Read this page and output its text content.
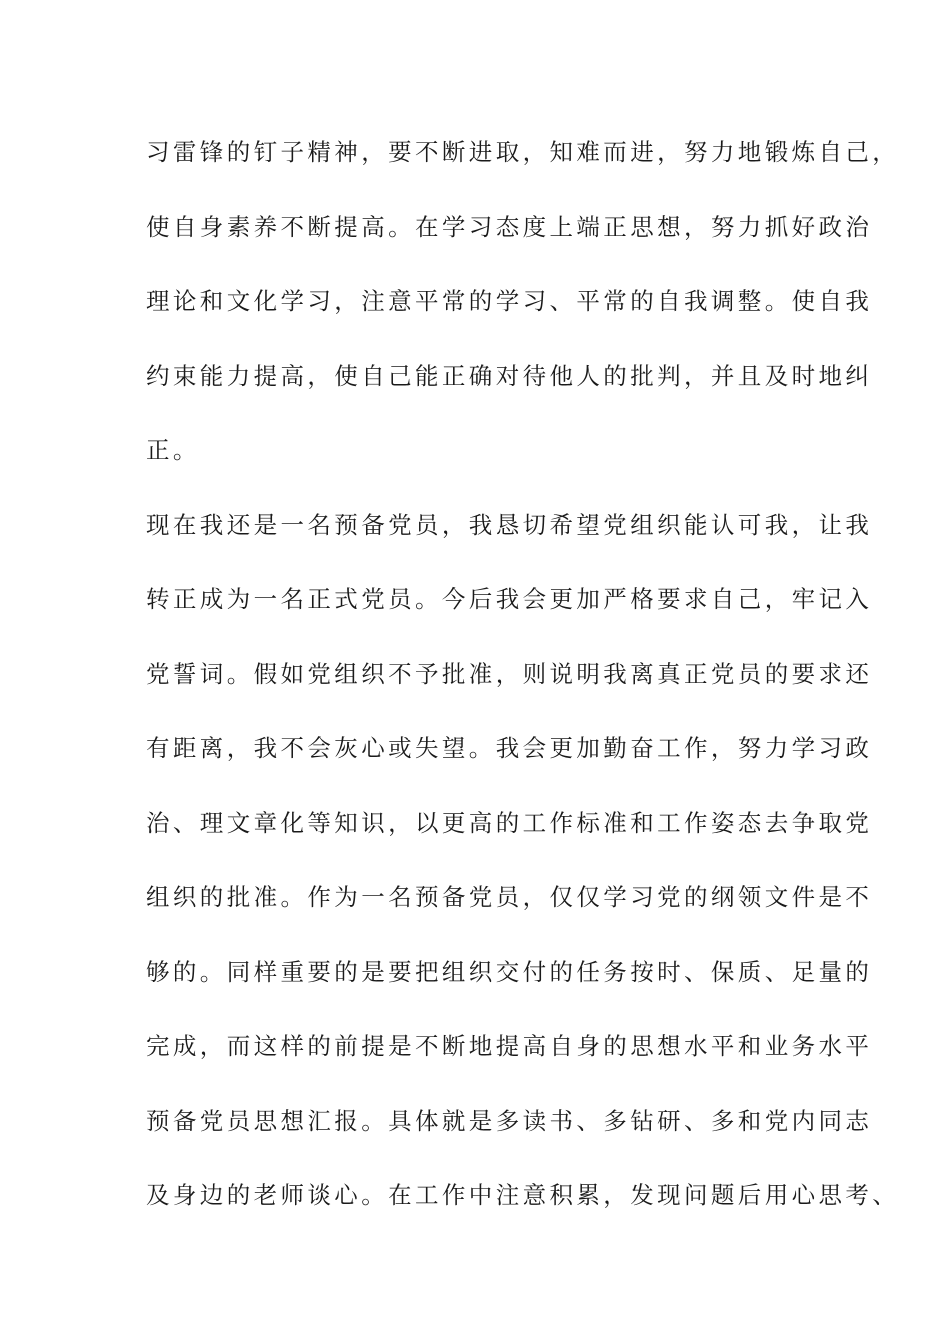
习雷锋的钉子精神，要不断进取，知难而进，努力地锻炼自己，
使自身素养不断提高。在学习态度上端正思想，努力抓好政治
理论和文化学习，注意平常的学习、平常的自我调整。使自我
约束能力提高，使自己能正确对待他人的批判，并且及时地纠
正。
现在我还是一名预备党员，我恳切希望党组织能认可我，让我
转正成为一名正式党员。今后我会更加严格要求自己，牢记入
党誓词。假如党组织不予批准，则说明我离真正党员的要求还
有距离，我不会灰心或失望。我会更加勤奋工作，努力学习政
治、理文章化等知识，以更高的工作标准和工作姿态去争取党
组织的批准。作为一名预备党员，仅仅学习党的纲领文件是不
够的。同样重要的是要把组织交付的任务按时、保质、足量的
完成，而这样的前提是不断地提高自身的思想水平和业务水平
预备党员思想汇报。具体就是多读书、多钻研、多和党内同志
及身边的老师谈心。在工作中注意积累，发现问题后用心思考、
